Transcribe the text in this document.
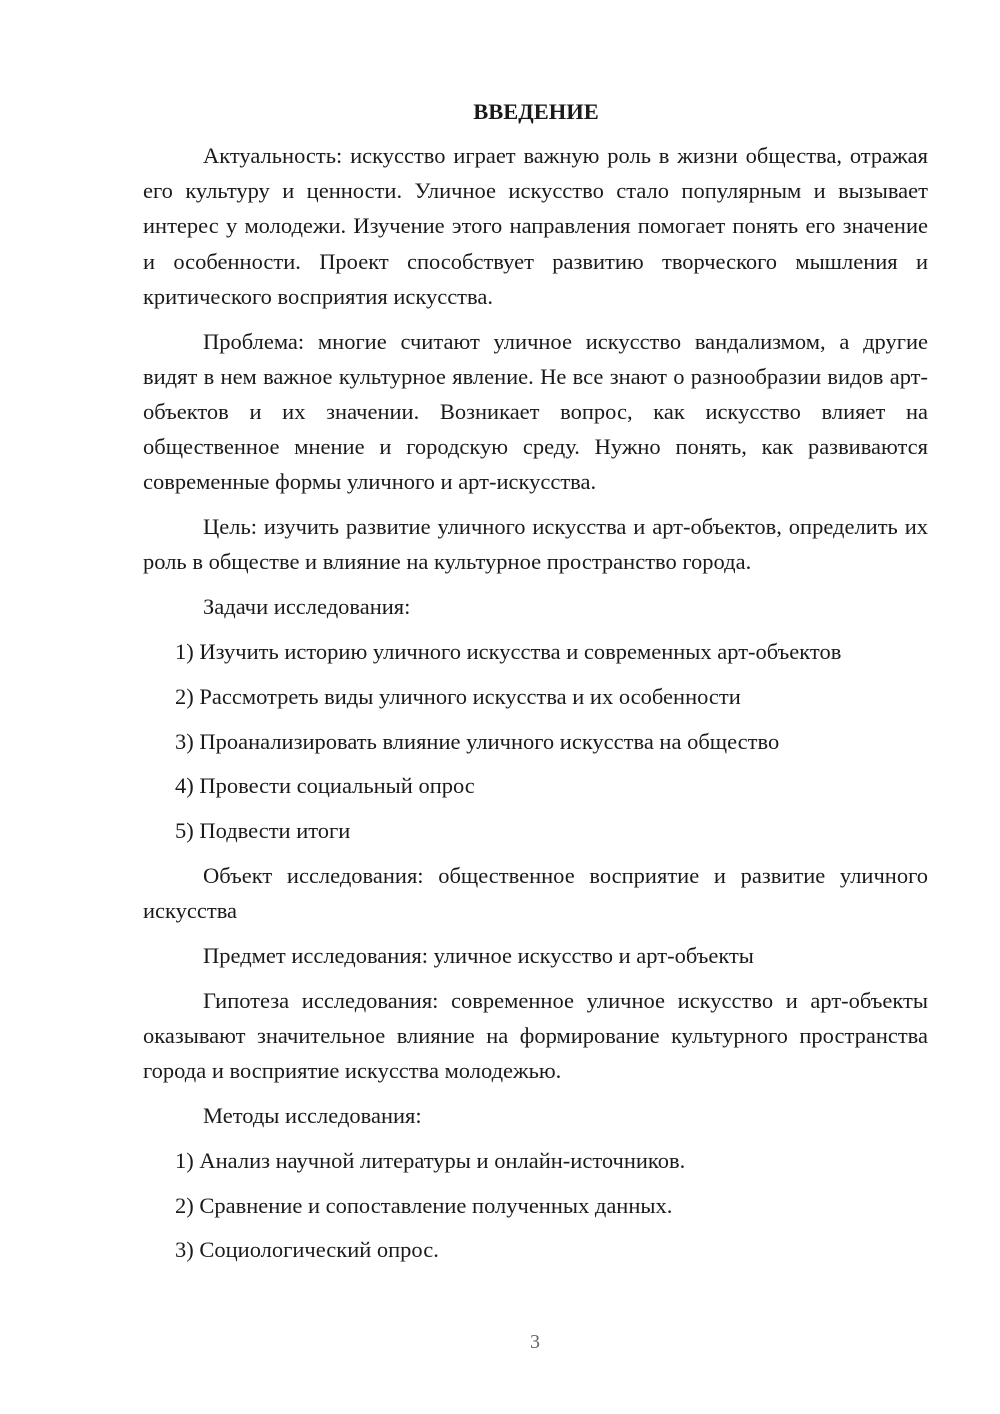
ВВЕДЕНИЕ

Актуальность: искусство играет важную роль в жизни общества, отражая его культуру и ценности. Уличное искусство стало популярным и вызывает интерес у молодежи. Изучение этого направления помогает понять его значение и особенности. Проект способствует развитию творческого мышления и критического восприятия искусства.

Проблема: многие считают уличное искусство вандализмом, а другие видят в нем важное культурное явление. Не все знают о разнообразии видов арт-объектов и их значении. Возникает вопрос, как искусство влияет на общественное мнение и городскую среду. Нужно понять, как развиваются современные формы уличного и арт-искусства.

Цель: изучить развитие уличного искусства и арт-объектов, определить их роль в обществе и влияние на культурное пространство города.

Задачи исследования:
1) Изучить историю уличного искусства и современных арт-объектов
2) Рассмотреть виды уличного искусства и их особенности
3) Проанализировать влияние уличного искусства на общество
4) Провести социальный опрос
5) Подвести итоги

Объект исследования: общественное восприятие и развитие уличного искусства

Предмет исследования: уличное искусство и арт-объекты

Гипотеза исследования: современное уличное искусство и арт-объекты оказывают значительное влияние на формирование культурного пространства города и восприятие искусства молодежью.

Методы исследования:
1) Анализ научной литературы и онлайн-источников.
2) Сравнение и сопоставление полученных данных.
3) Социологический опрос.
3
